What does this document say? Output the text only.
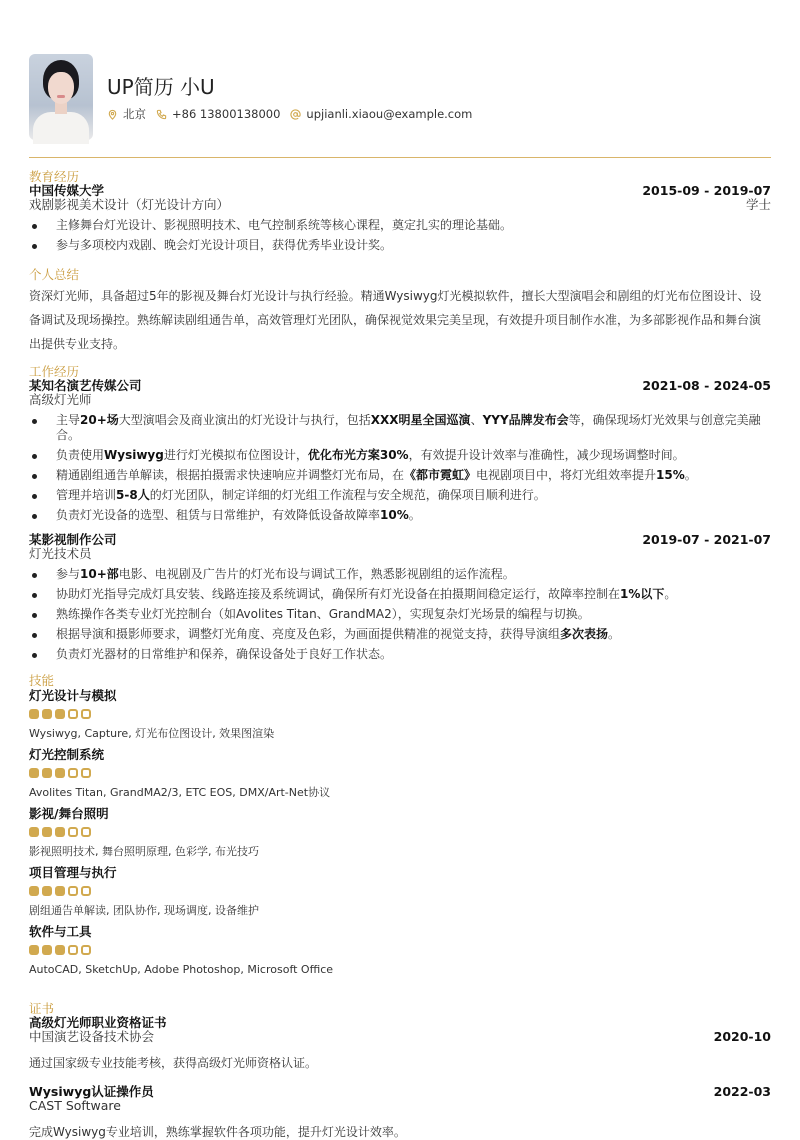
UP简历 小U
北京 +86 13800138000 upjianli.xiaou@example.com
教育经历
中国传媒大学
戏剧影视美术设计（灯光设计方向）
2015-09 - 2019-07
学士
主修舞台灯光设计、影视照明技术、电气控制系统等核心课程，奠定扎实的理论基础。
参与多项校内戏剧、晚会灯光设计项目，获得优秀毕业设计奖。
个人总结
资深灯光师，具备超过5年的影视及舞台灯光设计与执行经验。精通Wysiwyg灯光模拟软件，擅长大型演唱会和剧组的灯光布位图设计、设备调试及现场操控。熟练解读剧组通告单，高效管理灯光团队，确保视觉效果完美呈现，有效提升项目制作水准，为多部影视作品和舞台演出提供专业支持。
工作经历
某知名演艺传媒公司
高级灯光师
2021-08 - 2024-05
主导20+场大型演唱会及商业演出的灯光设计与执行，包括XXX明星全国巡演、YYY品牌发布会等，确保现场灯光效果与创意完美融合。
负责使用Wysiwyg进行灯光模拟布位图设计，优化布光方案30%，有效提升设计效率与准确性，减少现场调整时间。
精通剧组通告单解读，根据拍摄需求快速响应并调整灯光布局，在《都市霓虹》电视剧项目中，将灯光组效率提升15%。
管理并培训5-8人的灯光团队，制定详细的灯光组工作流程与安全规范，确保项目顺利进行。
负责灯光设备的选型、租赁与日常维护，有效降低设备故障率10%。
某影视制作公司
灯光技术员
2019-07 - 2021-07
参与10+部电影、电视剧及广告片的灯光布设与调试工作，熟悉影视剧组的运作流程。
协助灯光指导完成灯具安装、线路连接及系统调试，确保所有灯光设备在拍摄期间稳定运行，故障率控制在1%以下。
熟练操作各类专业灯光控制台（如Avolites Titan、GrandMA2），实现复杂灯光场景的编程与切换。
根据导演和摄影师要求，调整灯光角度、亮度及色彩，为画面提供精准的视觉支持，获得导演组多次表扬。
负责灯光器材的日常维护和保养，确保设备处于良好工作状态。
技能
灯光设计与模拟
Wysiwyg, Capture, 灯光布位图设计, 效果图渲染
灯光控制系统
Avolites Titan, GrandMA2/3, ETC EOS, DMX/Art-Net协议
影视/舞台照明
影视照明技术, 舞台照明原理, 色彩学, 布光技巧
项目管理与执行
剧组通告单解读, 团队协作, 现场调度, 设备维护
软件与工具
AutoCAD, SketchUp, Adobe Photoshop, Microsoft Office
证书
高级灯光师职业资格证书
中国演艺设备技术协会	2020-10
通过国家级专业技能考核，获得高级灯光师资格认证。
Wysiwyg认证操作员
CAST Software
2022-03
完成Wysiwyg专业培训，熟练掌握软件各项功能，提升灯光设计效率。
